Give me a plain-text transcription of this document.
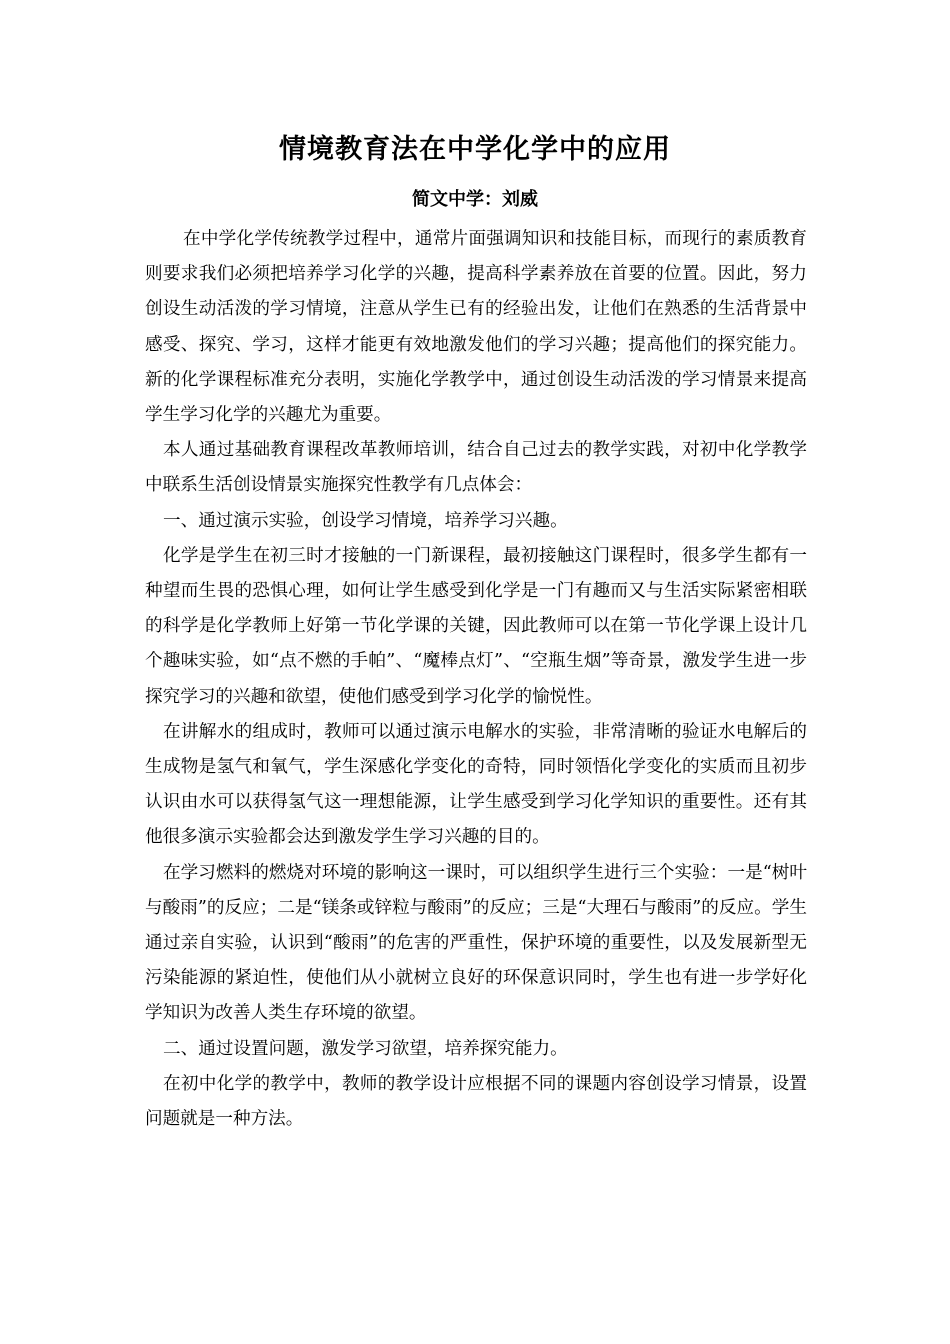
情境教育法在中学化学中的应用
简文中学：刘威

在中学化学传统教学过程中，通常片面强调知识和技能目标，而现行的素质教育则要求我们必须把培养学习化学的兴趣，提高科学素养放在首要的位置。因此，努力创设生动活泼的学习情境，注意从学生已有的经验出发，让他们在熟悉的生活背景中感受、探究、学习，这样才能更有效地激发他们的学习兴趣；提高他们的探究能力。新的化学课程标准充分表明，实施化学教学中，通过创设生动活泼的学习情景来提高学生学习化学的兴趣尤为重要。

本人通过基础教育课程改革教师培训，结合自己过去的教学实践，对初中化学教学中联系生活创设情景实施探究性教学有几点体会：

一、通过演示实验，创设学习情境，培养学习兴趣。

化学是学生在初三时才接触的一门新课程，最初接触这门课程时，很多学生都有一种望而生畏的恐惧心理，如何让学生感受到化学是一门有趣而又与生活实际紧密相联的科学是化学教师上好第一节化学课的关键，因此教师可以在第一节化学课上设计几个趣味实验，如“点不燃的手帕”、“魔棒点灯”、“空瓶生烟”等奇景，激发学生进一步探究学习的兴趣和欲望，使他们感受到学习化学的愉悦性。

在讲解水的组成时，教师可以通过演示电解水的实验，非常清晰的验证水电解后的生成物是氢气和氧气，学生深感化学变化的奇特，同时领悟化学变化的实质而且初步认识由水可以获得氢气这一理想能源，让学生感受到学习化学知识的重要性。还有其他很多演示实验都会达到激发学生学习兴趣的目的。

在学习燃料的燃烧对环境的影响这一课时，可以组织学生进行三个实验：一是“树叶与酸雨”的反应；二是“镁条或锌粒与酸雨”的反应；三是“大理石与酸雨”的反应。学生通过亲自实验，认识到“酸雨”的危害的严重性，保护环境的重要性，以及发展新型无污染能源的紧迫性，使他们从小就树立良好的环保意识同时，学生也有进一步学好化学知识为改善人类生存环境的欲望。

二、通过设置问题，激发学习欲望，培养探究能力。

在初中化学的教学中，教师的教学设计应根据不同的课题内容创设学习情景，设置问题就是一种方法。
